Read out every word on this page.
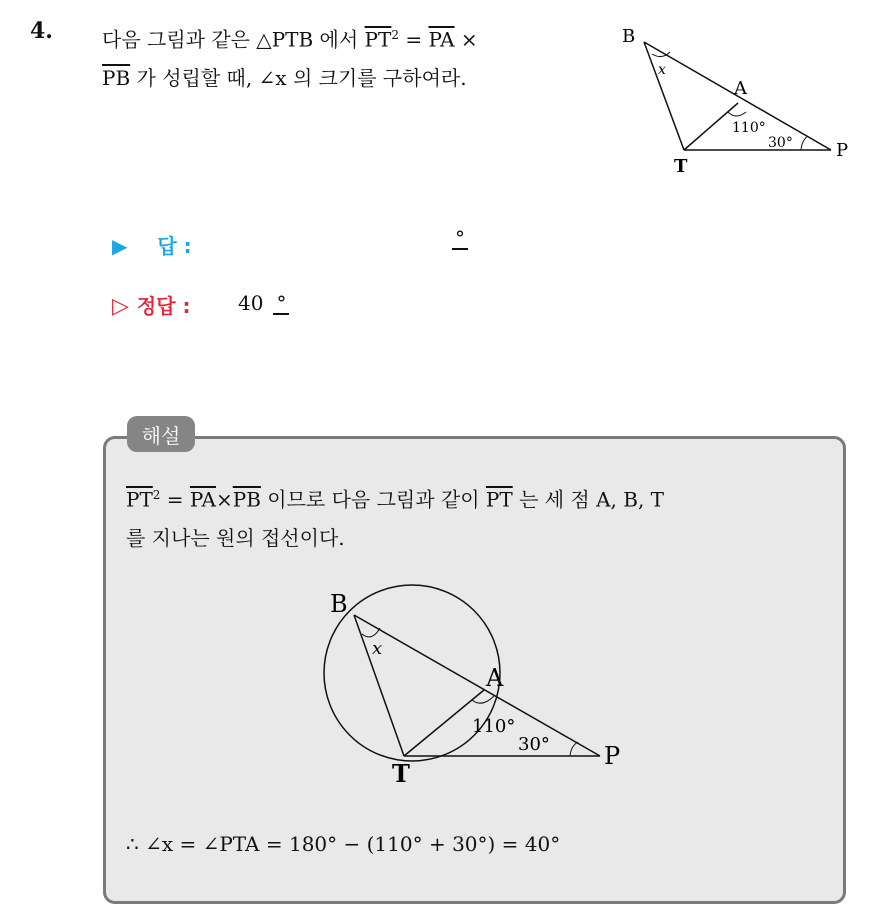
4. 다음 그림과 같은 △PTB 에서 $\overline{PT}^2 = \overline{PA}$ ×
$\overline{PB}$ 가 성립할 때, ∠x 의 크기를 구하여라.
B
A
T
P
x
110°
30°
▶ 답 :	°
▷ 정답 : 40 °
해설
$\overline{PT}^2 = \overline{PA}\times\overline{PB}$ 이므로 다음 그림과 같이 $\overline{PT}$ 는 세 점 A, B, T
를 지나는 원의 접선이다.
B
A
T
P
x
110°
30°
∴ ∠x = ∠PTA = 180° − (110° + 30°) = 40°
